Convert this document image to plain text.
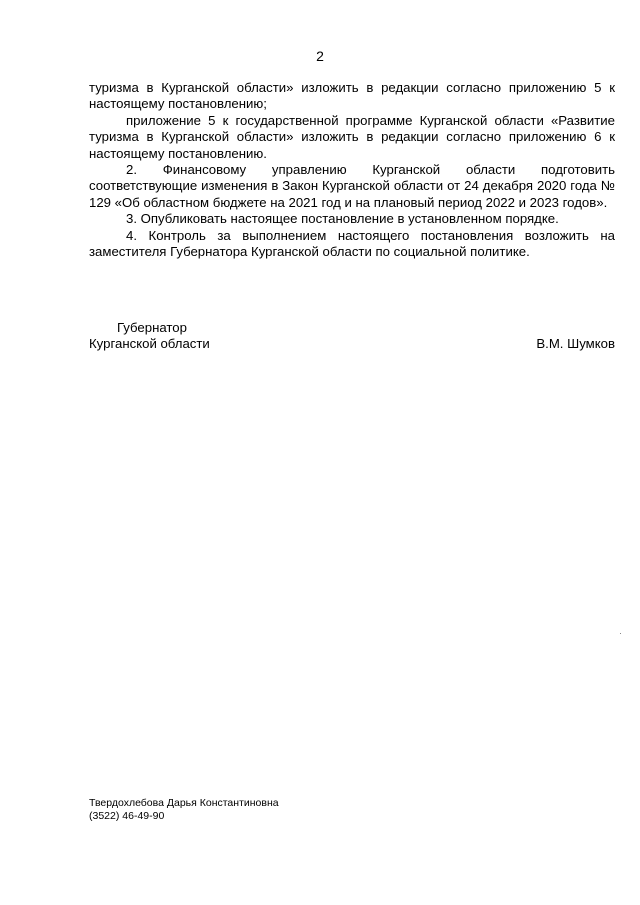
2

туризма в Курганской области» изложить в редакции согласно приложению 5 к настоящему постановлению;

приложение 5 к государственной программе Курганской области «Развитие туризма в Курганской области» изложить в редакции согласно приложению 6 к настоящему постановлению.

2. Финансовому управлению Курганской области подготовить соответствующие изменения в Закон Курганской области от 24 декабря 2020 года № 129 «Об областном бюджете на 2021 год и на плановый период 2022 и 2023 годов».

3. Опубликовать настоящее постановление в установленном порядке.

4. Контроль за выполнением настоящего постановления возложить на заместителя Губернатора Курганской области по социальной политике.

Губернатор
Курганской области	В.М. Шумков
Твердохлебова Дарья Константиновна
(3522) 46-49-90
